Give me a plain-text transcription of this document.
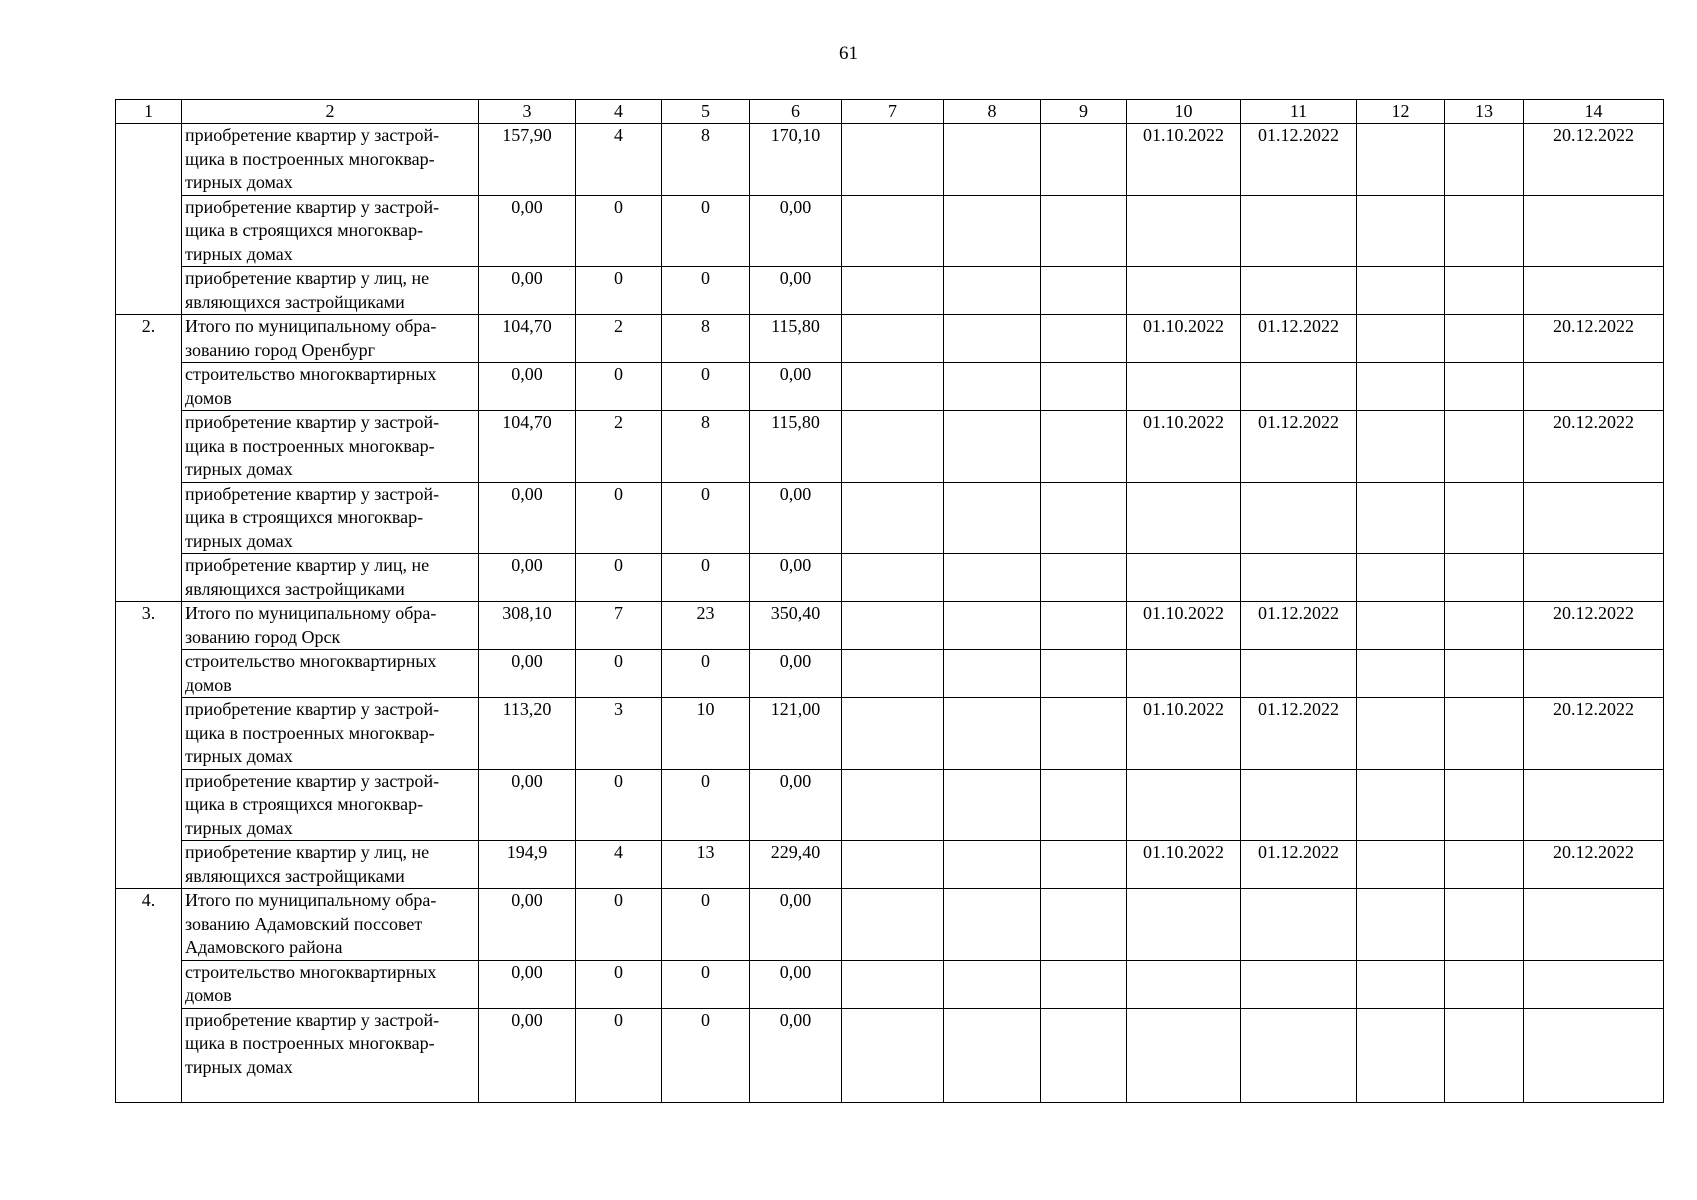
61
1	2	3	4	5	6	7	8	9	10	11	12	13	14
	приобретение квартир у застрой-щика в построенных многоквар-тирных домах	157,90	4	8	170,10				01.10.2022	01.12.2022			20.12.2022
	приобретение квартир у застрой-щика в строящихся многоквар-тирных домах	0,00	0	0	0,00								
	приобретение квартир у лиц, не являющихся застройщиками	0,00	0	0	0,00								
2.	Итого по муниципальному обра-зованию город Оренбург	104,70	2	8	115,80				01.10.2022	01.12.2022			20.12.2022
	строительство многоквартирных домов	0,00	0	0	0,00								
	приобретение квартир у застрой-щика в построенных многоквар-тирных домах	104,70	2	8	115,80				01.10.2022	01.12.2022			20.12.2022
	приобретение квартир у застрой-щика в строящихся многоквар-тирных домах	0,00	0	0	0,00								
	приобретение квартир у лиц, не являющихся застройщиками	0,00	0	0	0,00								
3.	Итого по муниципальному обра-зованию город Орск	308,10	7	23	350,40				01.10.2022	01.12.2022			20.12.2022
	строительство многоквартирных домов	0,00	0	0	0,00								
	приобретение квартир у застрой-щика в построенных многоквар-тирных домах	113,20	3	10	121,00				01.10.2022	01.12.2022			20.12.2022
	приобретение квартир у застрой-щика в строящихся многоквар-тирных домах	0,00	0	0	0,00								
	приобретение квартир у лиц, не являющихся застройщиками	194,9	4	13	229,40				01.10.2022	01.12.2022			20.12.2022
4.	Итого по муниципальному обра-зованию Адамовский поссовет Адамовского района	0,00	0	0	0,00								
	строительство многоквартирных домов	0,00	0	0	0,00								
	приобретение квартир у застрой-щика в построенных многоквар-тирных домах	0,00	0	0	0,00								
